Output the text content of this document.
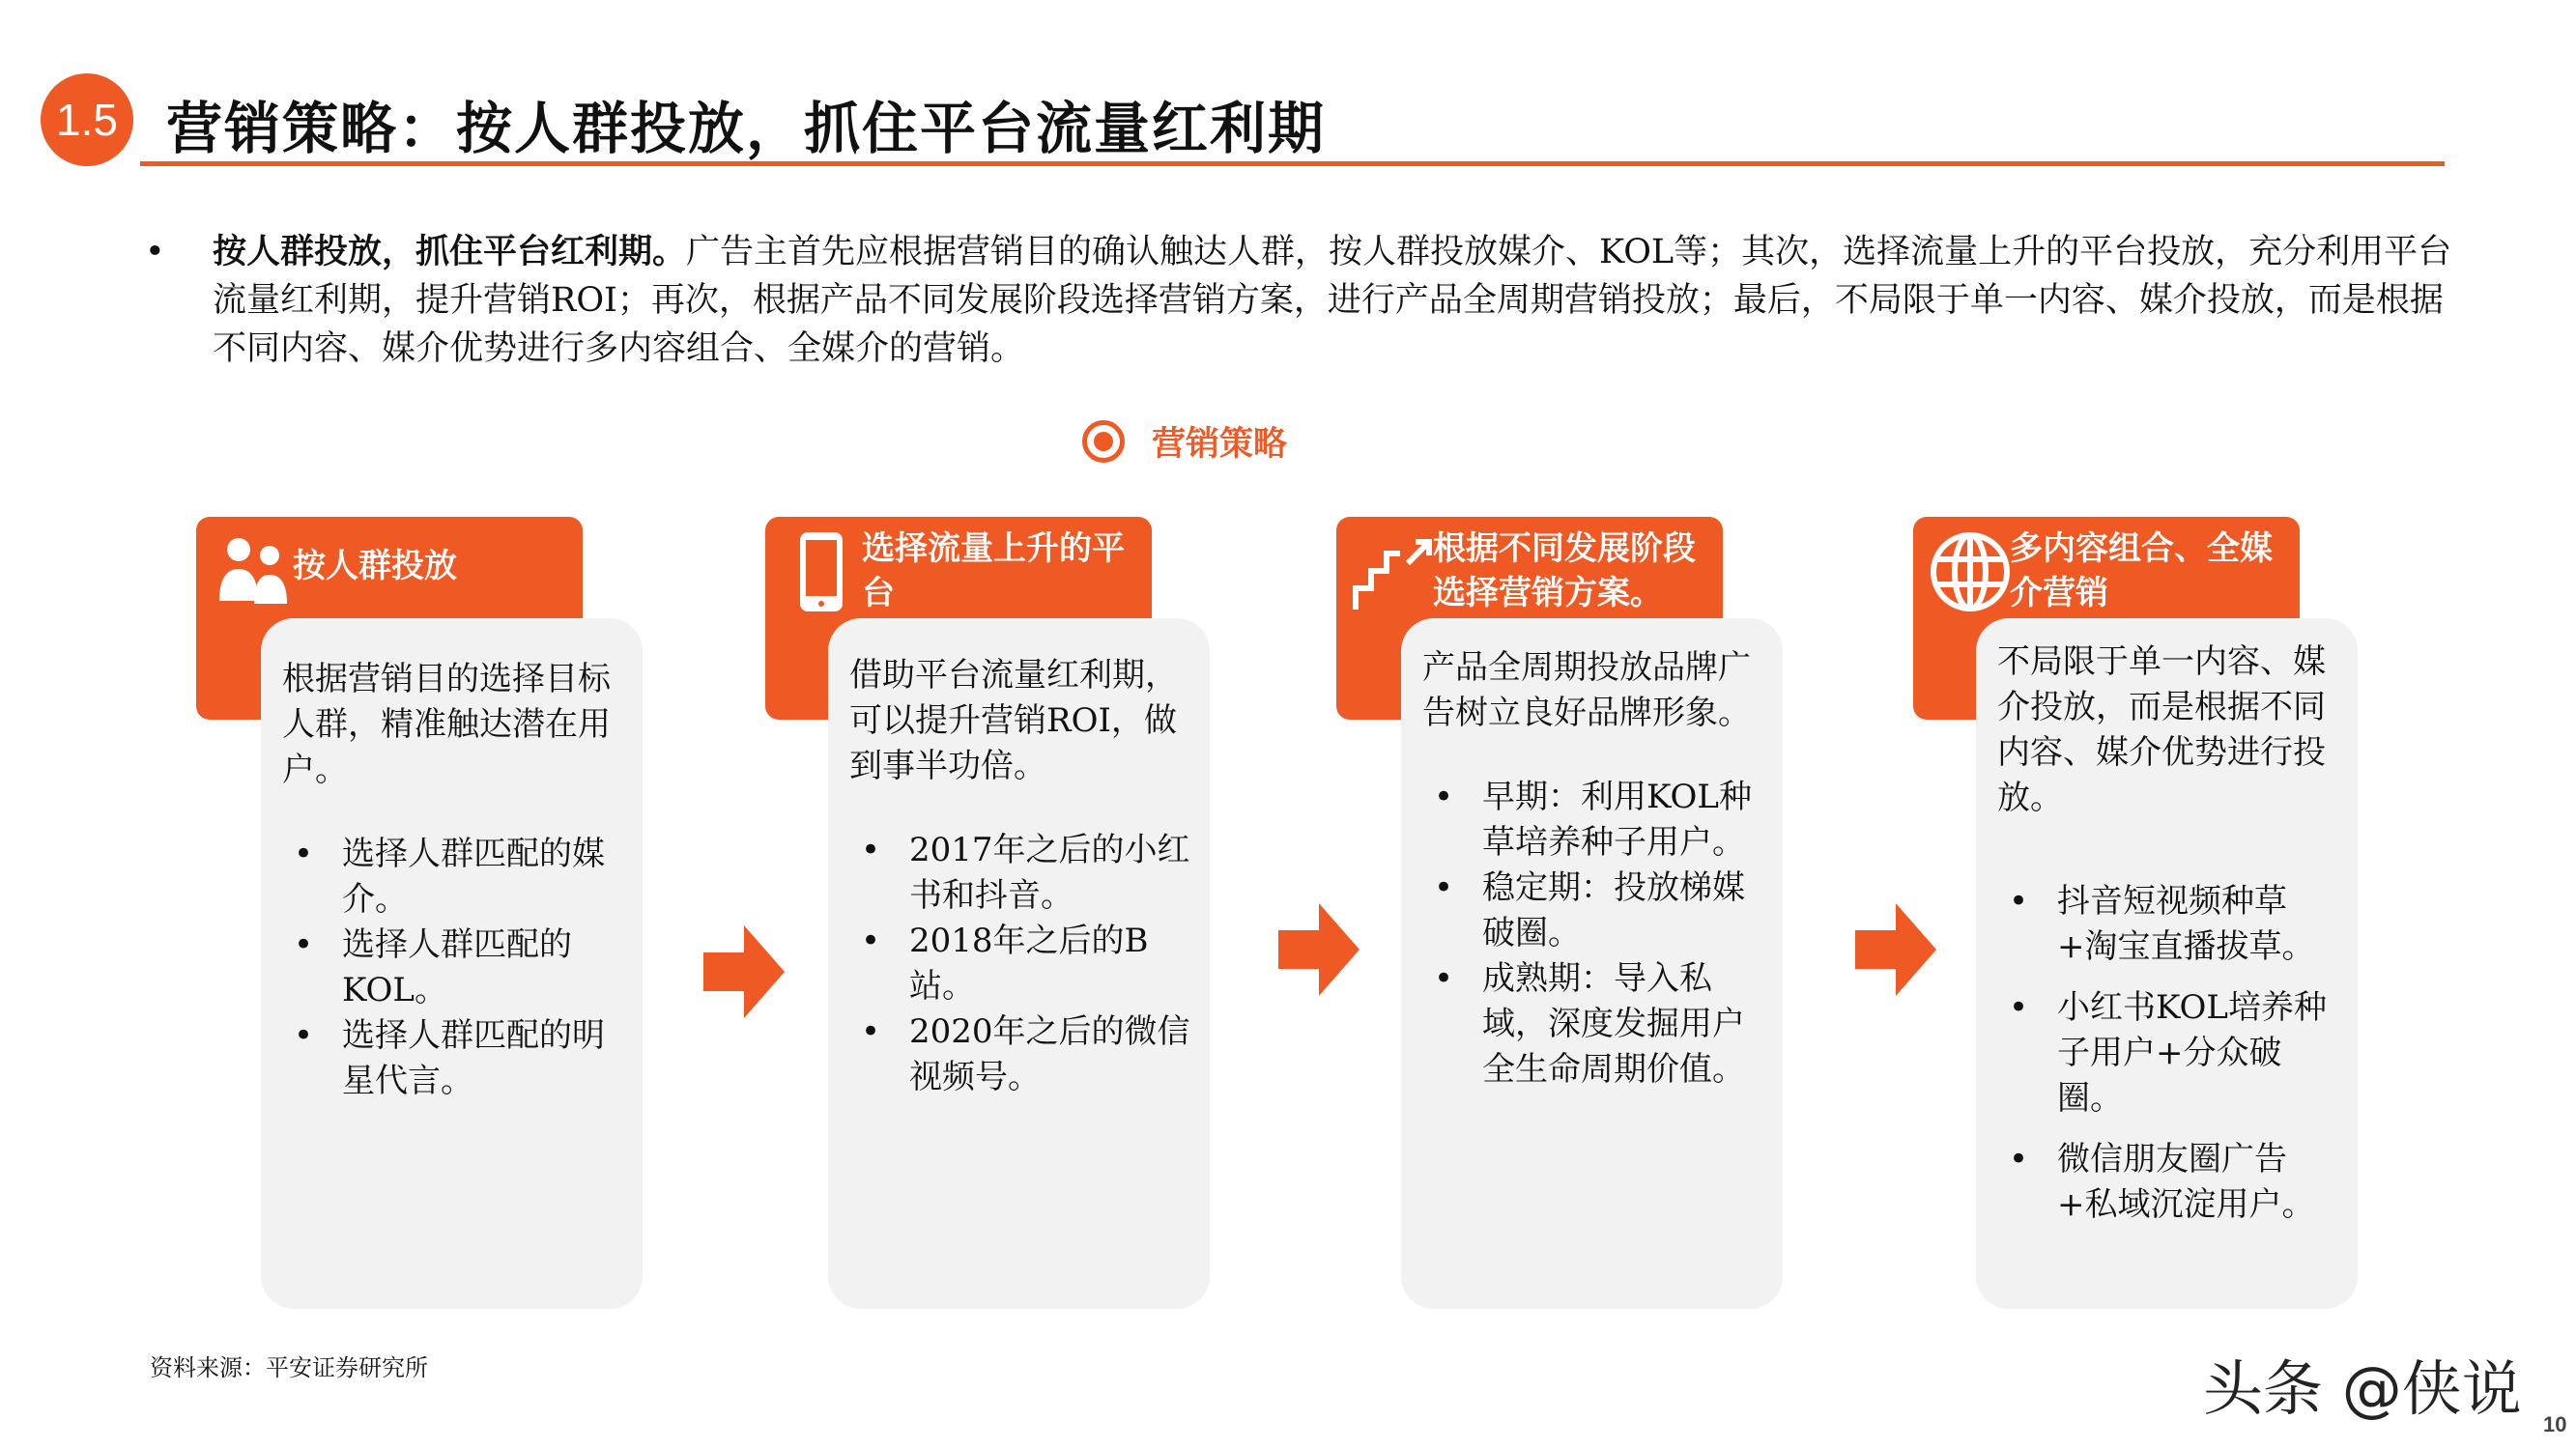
1.5 营销策略：按人群投放，抓住平台流量红利期
• 按人群投放，抓住平台红利期。广告主首先应根据营销目的确认触达人群，按人群投放媒介、KOL等；其次，选择流量上升的平台投放，充分利用平台流量红利期，提升营销ROI；再次，根据产品不同发展阶段选择营销方案，进行产品全周期营销投放；最后，不局限于单一内容、媒介投放，而是根据不同内容、媒介优势进行多内容组合、全媒介的营销。

营销策略
按人群投放
根据营销目的选择目标人群，精准触达潜在用户。
• 选择人群匹配的媒介。
• 选择人群匹配的KOL。
• 选择人群匹配的明星代言。
选择流量上升的平台
借助平台流量红利期，可以提升营销ROI，做到事半功倍。
• 2017年之后的小红书和抖音。
• 2018年之后的B站。
• 2020年之后的微信视频号。
根据不同发展阶段选择营销方案。
产品全周期投放品牌广告树立良好品牌形象。
• 早期：利用KOL种草培养种子用户。
• 稳定期：投放梯媒破圈。
• 成熟期：导入私域，深度发掘用户全生命周期价值。
多内容组合、全媒介营销
不局限于单一内容、媒介投放，而是根据不同内容、媒介优势进行投放。
• 抖音短视频种草+淘宝直播拔草。
• 小红书KOL培养种子用户+分众破圈。
• 微信朋友圈广告+私域沉淀用户。
资料来源：平安证券研究所	头条 @侠说
10
